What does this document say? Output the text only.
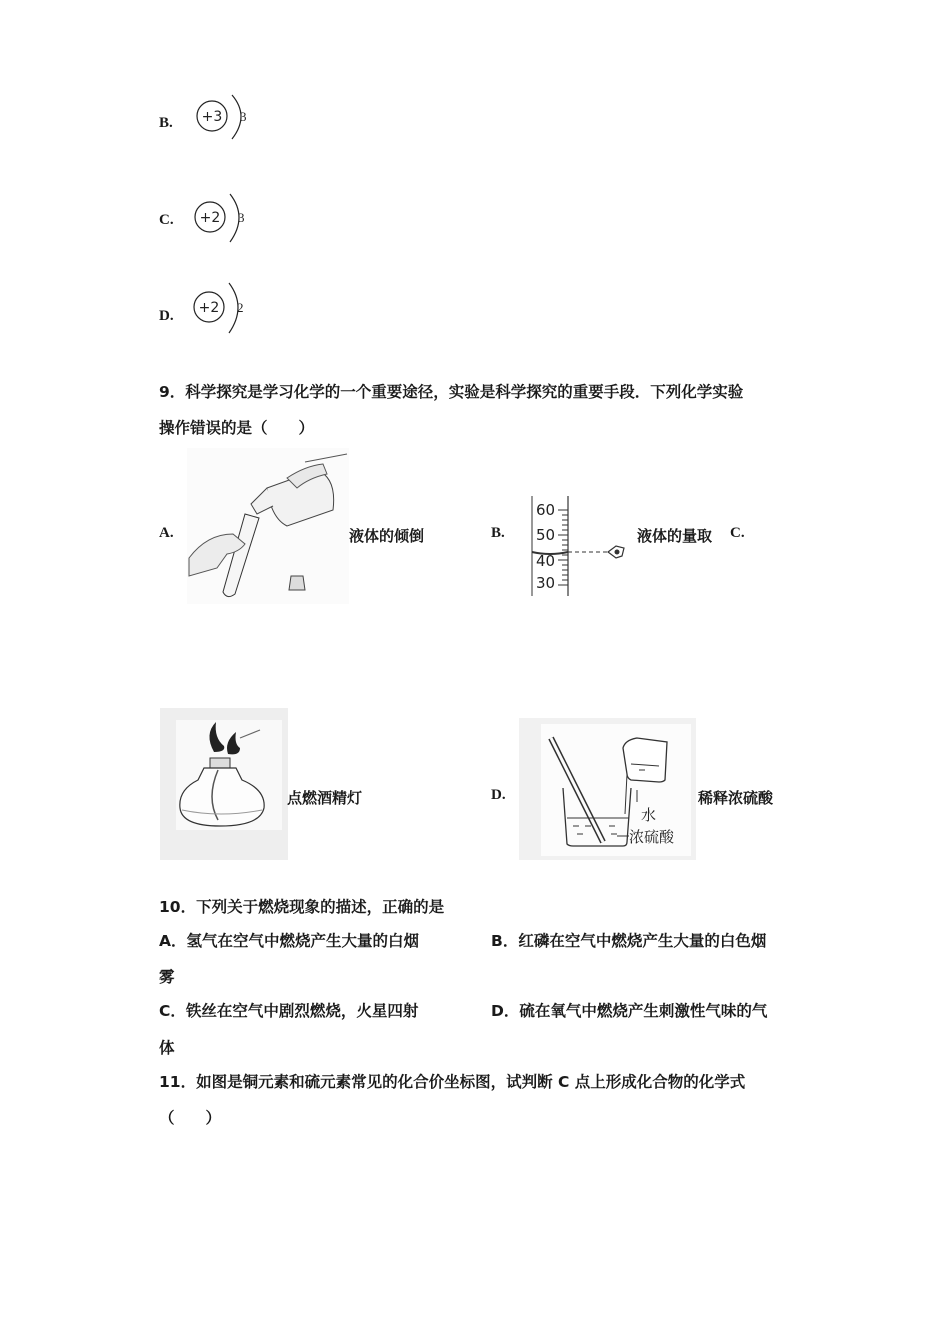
B. +3 3
C. +2 3
D. +2 2
9．科学探究是学习化学的一个重要途径，实验是科学探究的重要手段．下列化学实验
操作错误的是（　　）
A.	液体的倾倒	B.
60
50
40
30
液体的量取 C.
点燃酒精灯	D.
水
浓硫酸
稀释浓硫酸
10．下列关于燃烧现象的描述，正确的是
A．氢气在空气中燃烧产生大量的白烟	B．红磷在空气中燃烧产生大量的白色烟
雾
C．铁丝在空气中剧烈燃烧，火星四射	D．硫在氧气中燃烧产生刺激性气味的气
体
11．如图是铜元素和硫元素常见的化合价坐标图，试判断 C 点上形成化合物的化学式
（　　）
